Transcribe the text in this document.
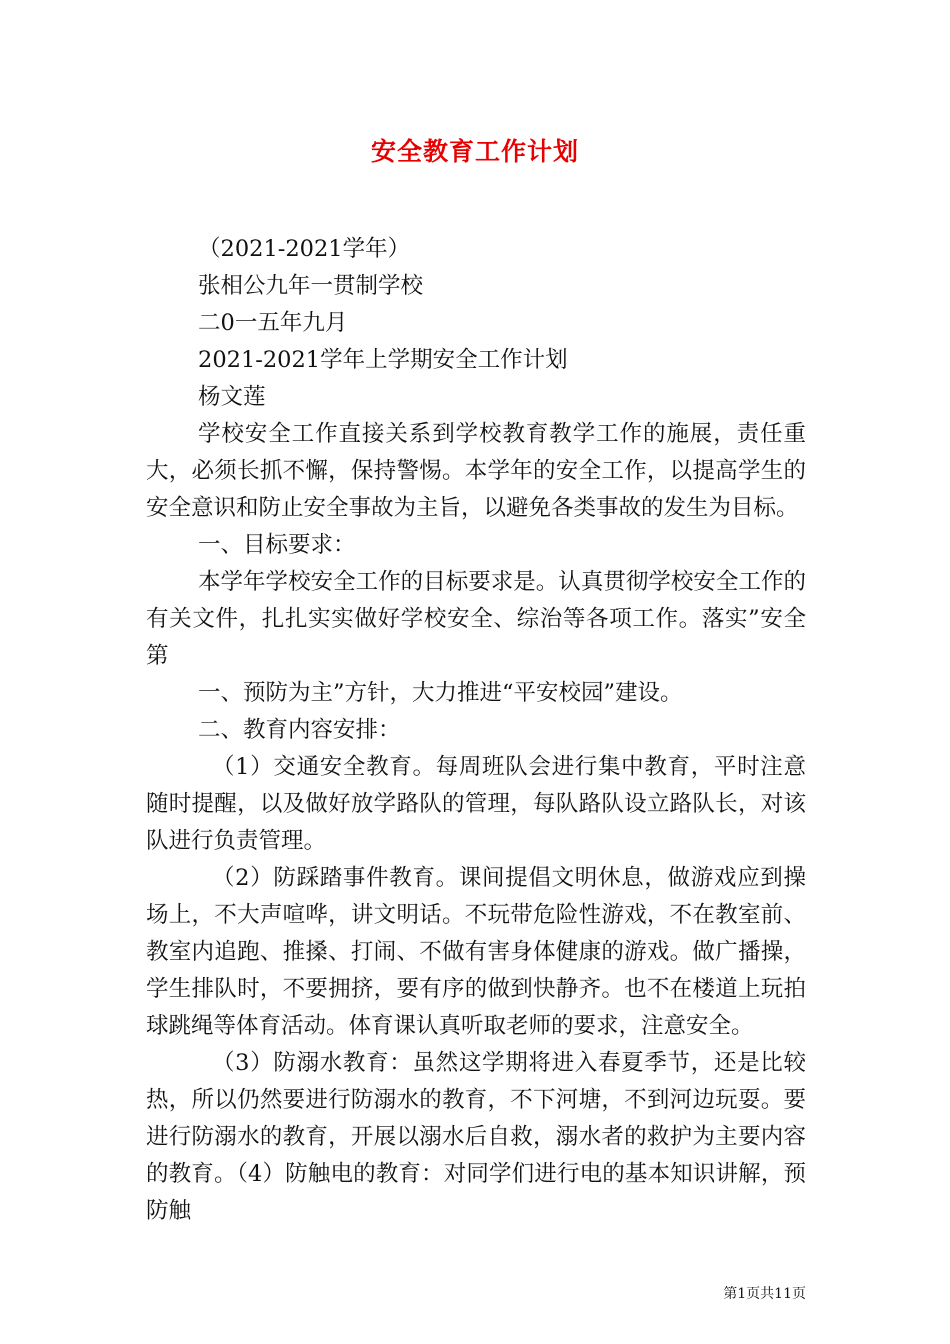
安全教育工作计划

（2021-2021学年）

张相公九年一贯制学校

二0一五年九月

2021-2021学年上学期安全工作计划

杨文莲

学校安全工作直接关系到学校教育教学工作的施展，责任重大，必须长抓不懈，保持警惕。本学年的安全工作，以提高学生的安全意识和防止安全事故为主旨，以避免各类事故的发生为目标。

一、目标要求：

本学年学校安全工作的目标要求是。认真贯彻学校安全工作的有关文件，扎扎实实做好学校安全、综治等各项工作。落实”安全第

一、预防为主”方针，大力推进“平安校园”建设。

二、教育内容安排：

（1）交通安全教育。每周班队会进行集中教育，平时注意随时提醒，以及做好放学路队的管理，每队路队设立路队长，对该队进行负责管理。

（2）防踩踏事件教育。课间提倡文明休息，做游戏应到操场上，不大声喧哗，讲文明话。不玩带危险性游戏，不在教室前、教室内追跑、推搡、打闹、不做有害身体健康的游戏。做广播操，学生排队时，不要拥挤，要有序的做到快静齐。也不在楼道上玩拍球跳绳等体育活动。体育课认真听取老师的要求，注意安全。

（3）防溺水教育：虽然这学期将进入春夏季节，还是比较热，所以仍然要进行防溺水的教育，不下河塘，不到河边玩耍。要进行防溺水的教育，开展以溺水后自救，溺水者的救护为主要内容的教育。（4）防触电的教育：对同学们进行电的基本知识讲解，预防触

第1页共11页
